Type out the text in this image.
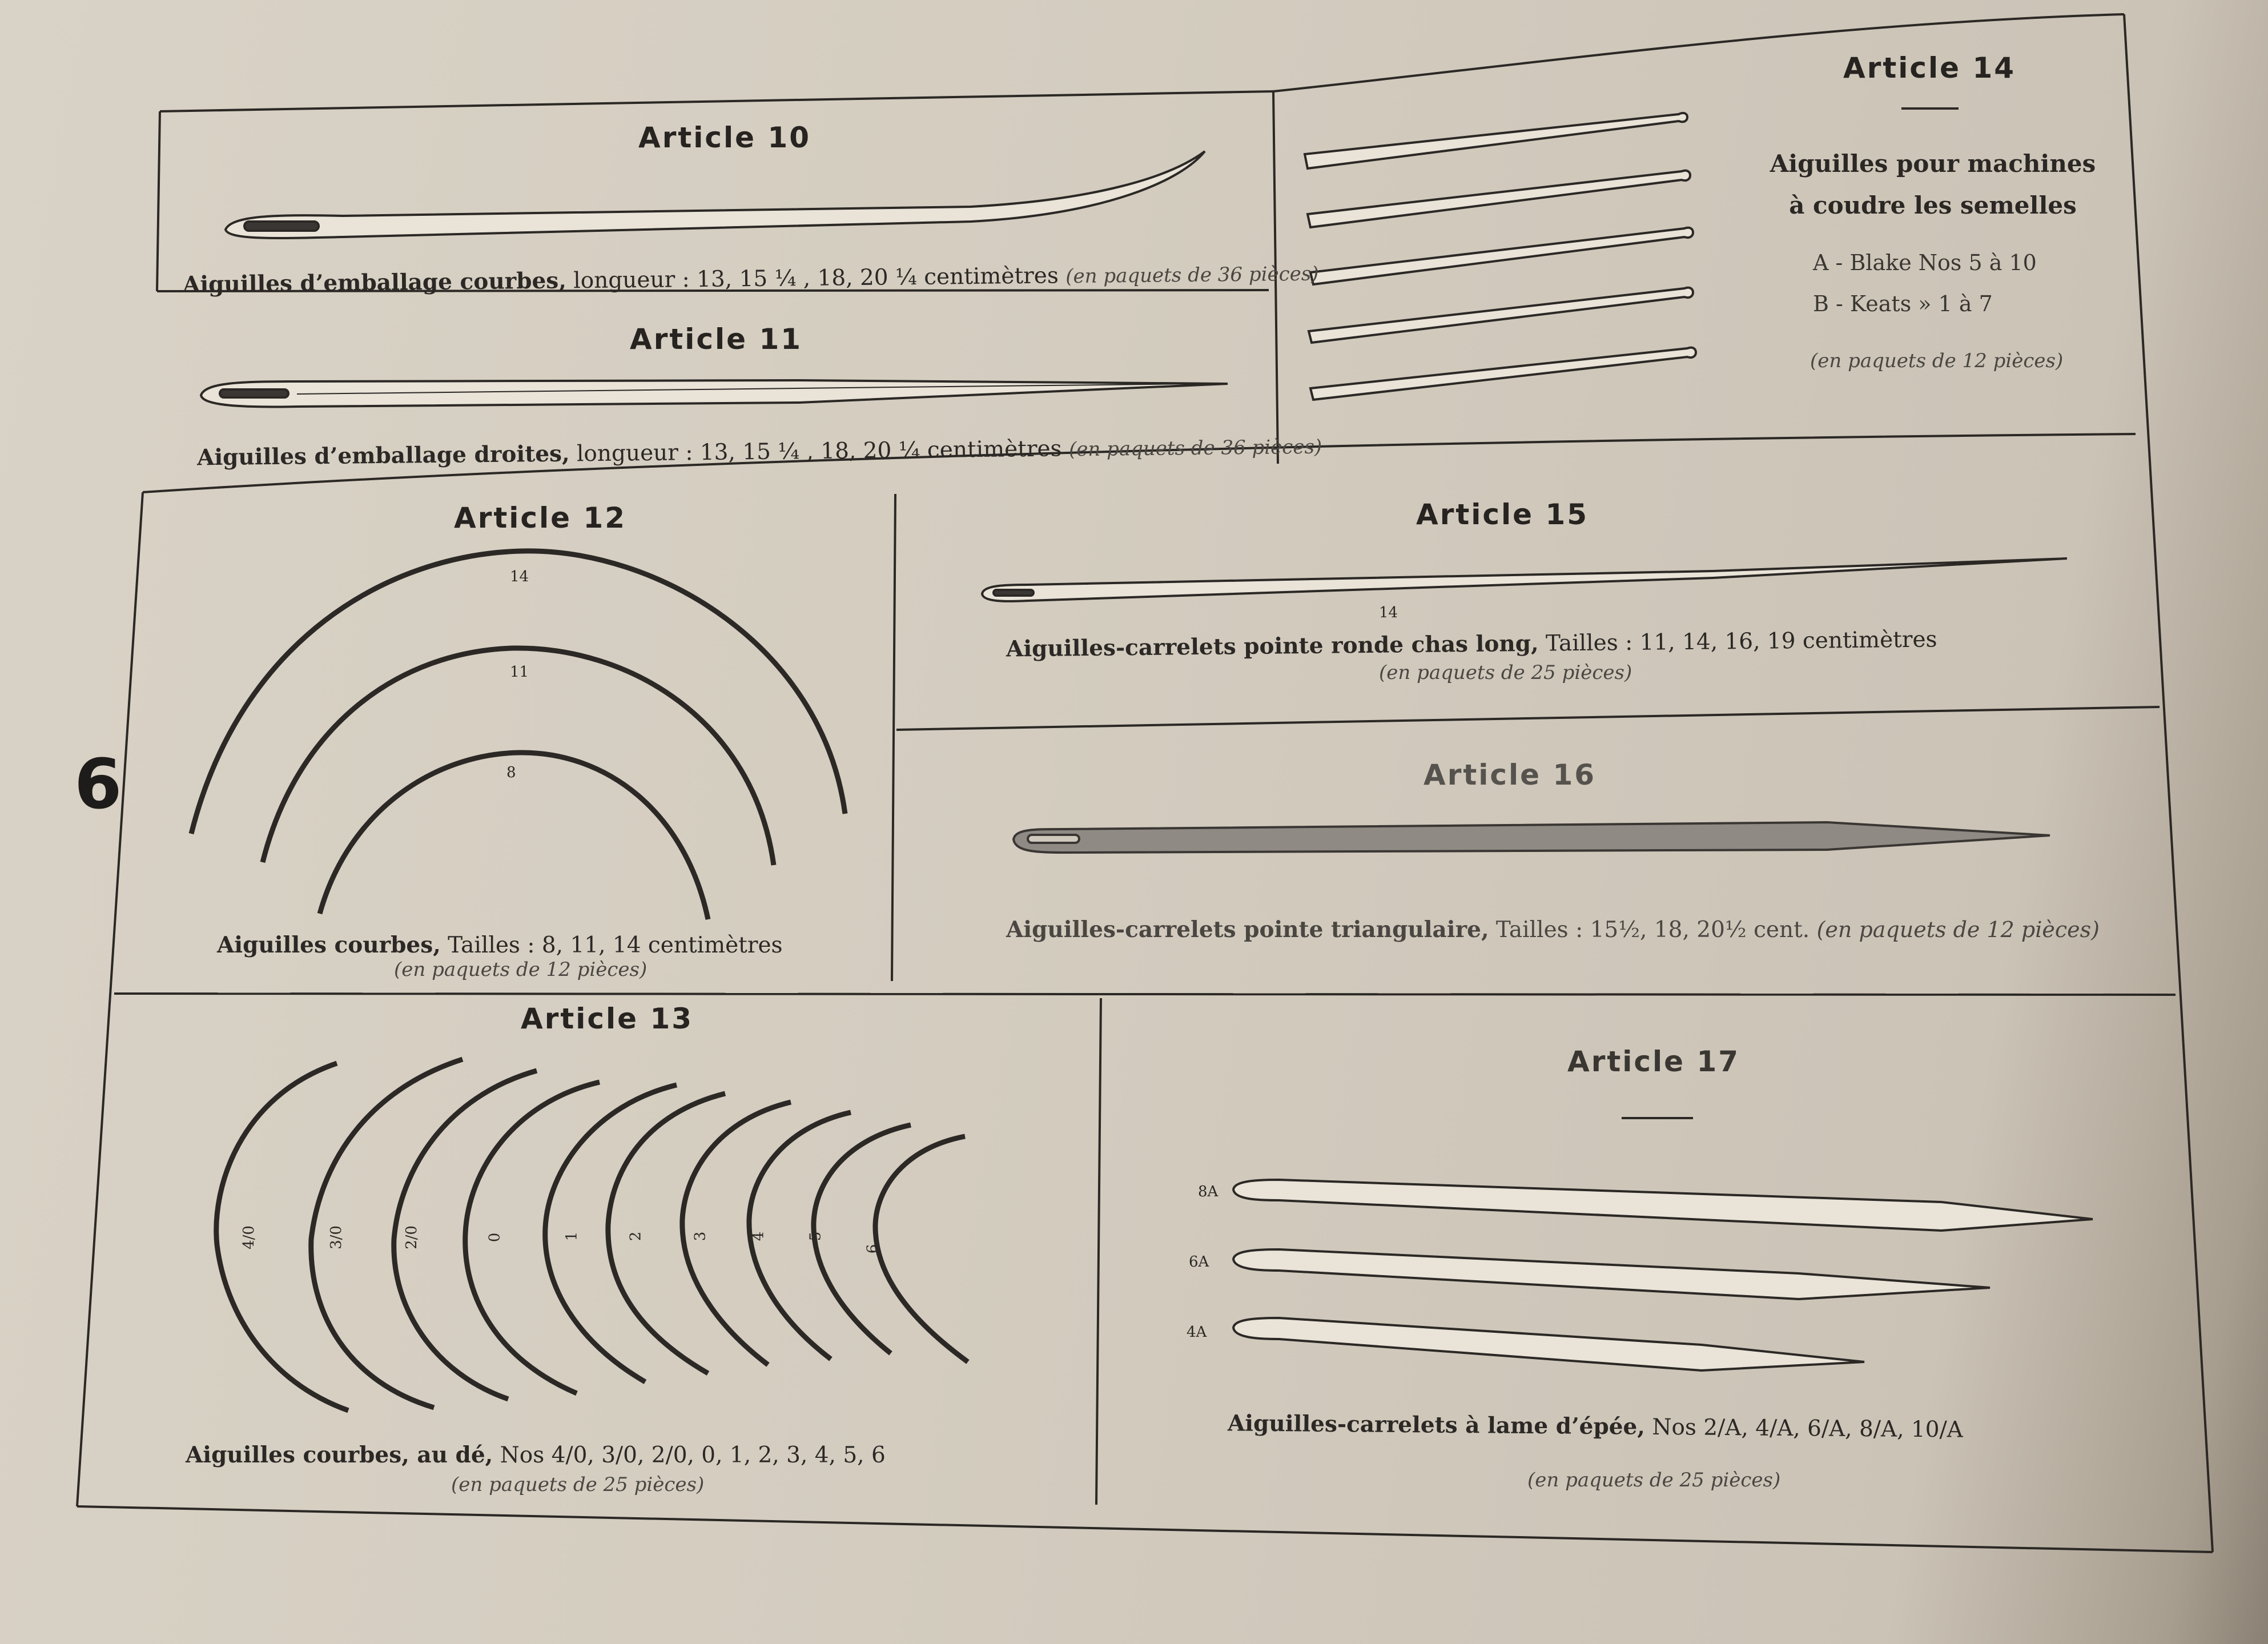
6
Article 10
Aiguilles d’emballage courbes, longueur : 13, 15 ¼ , 18, 20 ¼ centimètres (en paquets de 36 pièces)
Article 11
Aiguilles d’emballage droites, longueur : 13, 15 ¼ , 18, 20 ¼ centimètres (en paquets de 36 pièces)
Article 14
Aiguilles pour machines
à coudre les semelles
A - Blake Nos 5 à 10
B - Keats » 1 à 7
(en paquets de 12 pièces)
Article 12
14
11
8
Aiguilles courbes, Tailles : 8, 11, 14 centimètres
(en paquets de 12 pièces)
Article 15
14
Aiguilles-carrelets pointe ronde chas long, Tailles : 11, 14, 16, 19 centimètres
(en paquets de 25 pièces)
Article 16
Aiguilles-carrelets pointe triangulaire, Tailles : 15½, 18, 20½ cent. (en paquets de 12 pièces)
Article 13
4/0	3/0	2/0	0	1	2	3	4	5
6
Aiguilles courbes, au dé, Nos 4/0, 3/0, 2/0, 0, 1, 2, 3, 4, 5, 6
(en paquets de 25 pièces)
Article 17
8A
6A
4A
Aiguilles-carrelets à lame d’épée, Nos 2/A, 4/A, 6/A, 8/A, 10/A
(en paquets de 25 pièces)
